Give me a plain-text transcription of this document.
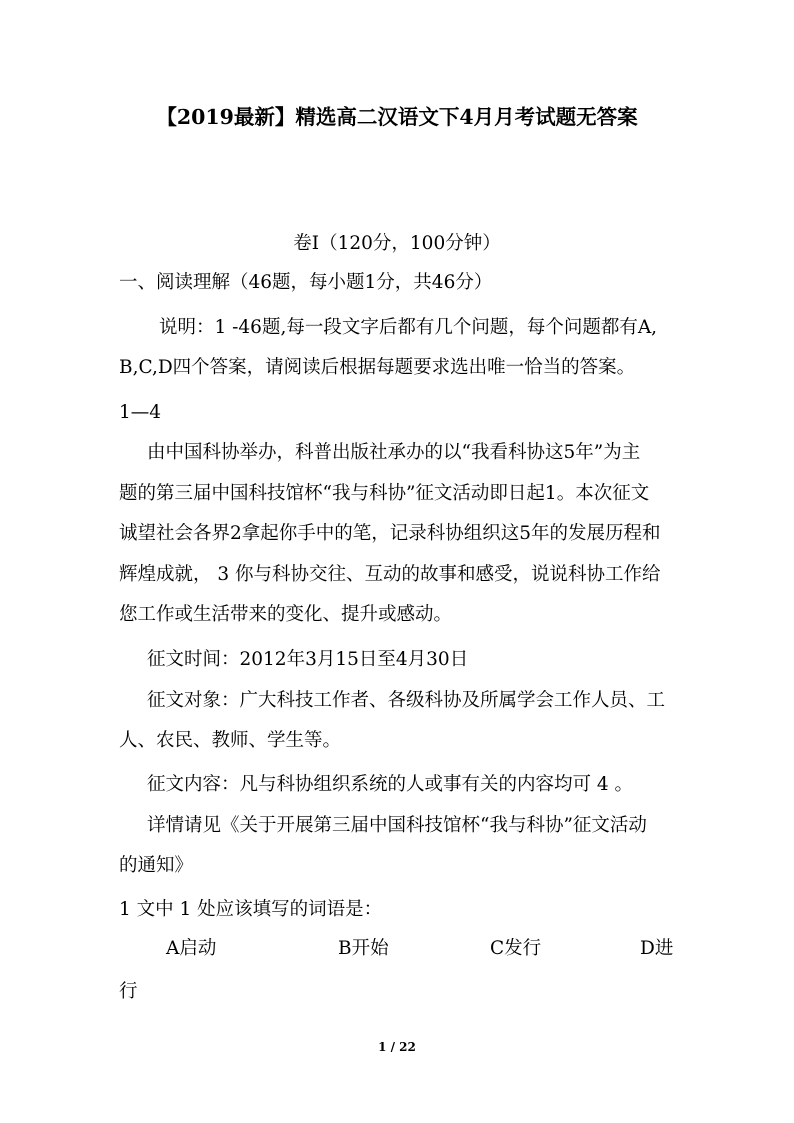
【2019最新】精选高二汉语文下4月月考试题无答案
卷Ⅰ（120分，100分钟）
一、阅读理解（46题，每小题1分，共46分）
说明：1 -46题,每一段文字后都有几个问题，每个问题都有A,
B,C,D四个答案，请阅读后根据每题要求选出唯一恰当的答案。
1—4
由中国科协举办，科普出版社承办的以“我看科协这5年”为主
题的第三届中国科技馆杯“我与科协”征文活动即日起1。本次征文
诚望社会各界2拿起你手中的笔，记录科协组织这5年的发展历程和
辉煌成就， 3 你与科协交往、互动的故事和感受，说说科协工作给
您工作或生活带来的变化、提升或感动。
征文时间：2012年3月15日至4月30日
征文对象：广大科技工作者、各级科协及所属学会工作人员、工
人、农民、教师、学生等。
征文内容：凡与科协组织系统的人或事有关的内容均可 4 。
详情请见《关于开展第三届中国科技馆杯“我与科协”征文活动
的通知》
1 文中 1 处应该填写的词语是：
A启动	B开始	C发行	D进
行
1 / 22
